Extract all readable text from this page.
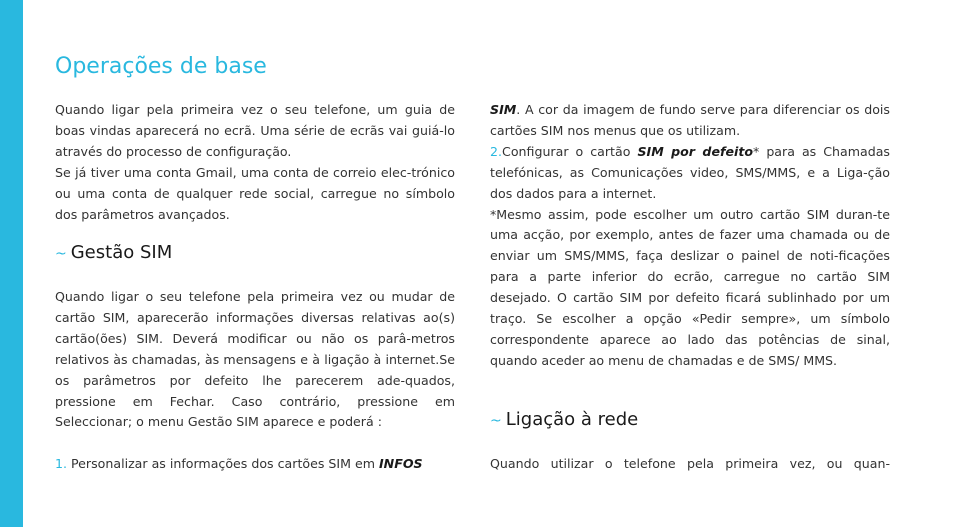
Operações de base

Quando ligar pela primeira vez o seu telefone, um guia de boas vindas aparecerá no ecrã. Uma série de ecrãs vai guiá-lo através do processo de configuração.

Se já tiver uma conta Gmail, uma conta de correio elec-trónico ou uma conta de qualquer rede social, carregue no símbolo dos parâmetros avançados.

~ Gestão SIM

Quando ligar o seu telefone pela primeira vez ou mudar de cartão SIM, aparecerão informações diversas relativas ao(s) cartão(ões) SIM. Deverá modificar ou não os parâ-metros relativos às chamadas, às mensagens e à ligação à internet.Se os parâmetros por defeito lhe parecerem ade-quados, pressione em Fechar. Caso contrário, pressione em Seleccionar; o menu Gestão SIM aparece e poderá :

1. Personalizar as informações dos cartões SIM em INFOS

SIM. A cor da imagem de fundo serve para diferenciar os dois cartões SIM nos menus que os utilizam.

2.Configurar o cartão SIM por defeito* para as Chamadas telefónicas, as Comunicações video, SMS/MMS, e a Liga-ção dos dados para a internet.

*Mesmo assim, pode escolher um outro cartão SIM duran-te uma acção, por exemplo, antes de fazer uma chamada ou de enviar um SMS/MMS, faça deslizar o painel de noti-ficações para a parte inferior do ecrão, carregue no cartão SIM desejado. O cartão SIM por defeito ficará sublinhado por um traço. Se escolher a opção «Pedir sempre», um símbolo correspondente aparece ao lado das potências de sinal, quando aceder ao menu de chamadas e de SMS/ MMS.

~ Ligação à rede

Quando utilizar o telefone pela primeira vez, ou quan-
